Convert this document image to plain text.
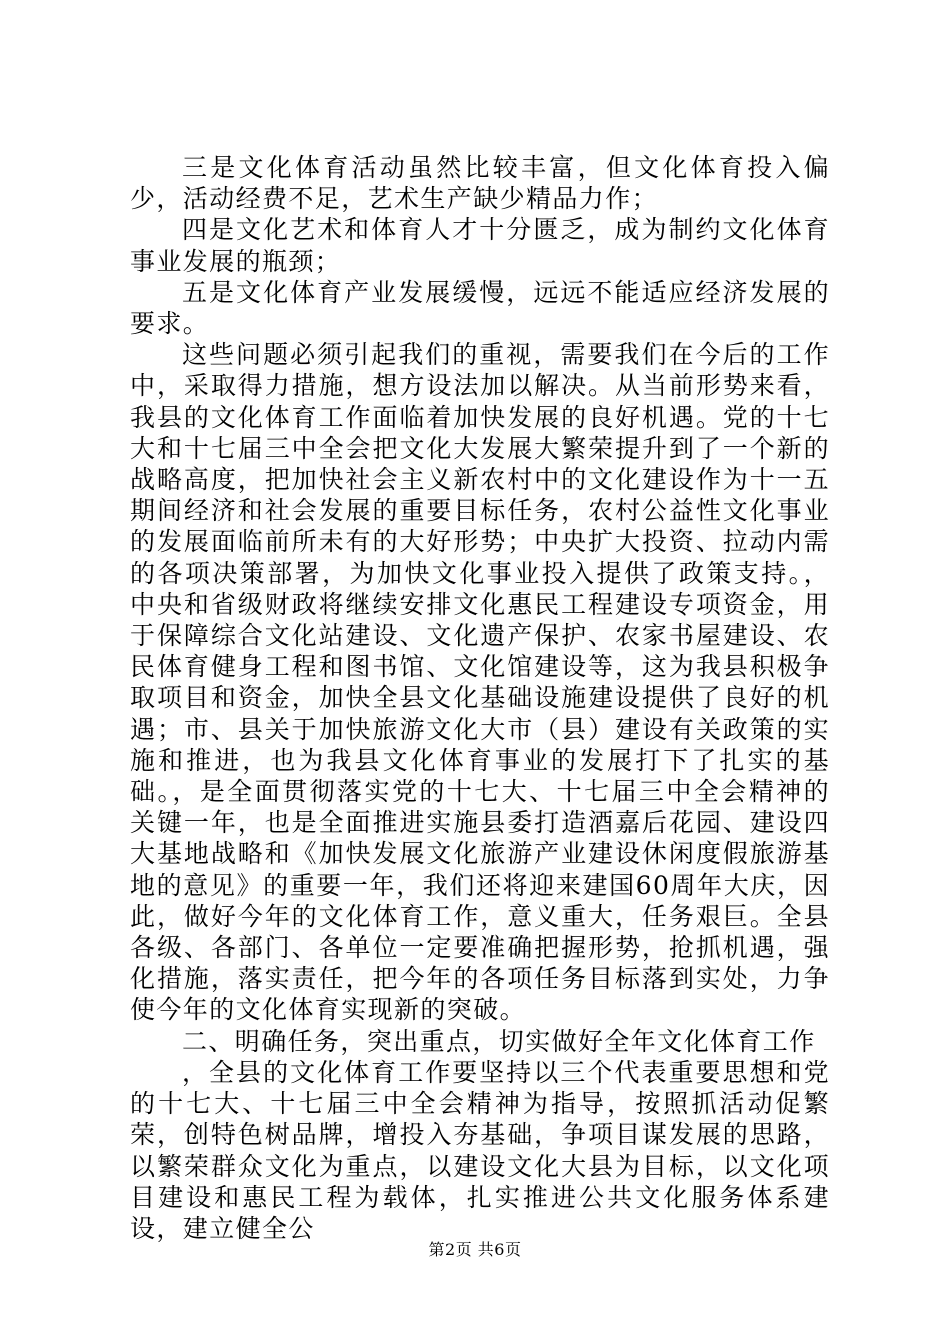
三是文化体育活动虽然比较丰富，但文化体育投入偏少，活动经费不足，艺术生产缺少精品力作；

四是文化艺术和体育人才十分匮乏，成为制约文化体育事业发展的瓶颈；

五是文化体育产业发展缓慢，远远不能适应经济发展的要求。

这些问题必须引起我们的重视，需要我们在今后的工作中，采取得力措施，想方设法加以解决。从当前形势来看，我县的文化体育工作面临着加快发展的良好机遇。党的十七大和十七届三中全会把文化大发展大繁荣提升到了一个新的战略高度，把加快社会主义新农村中的文化建设作为十一五期间经济和社会发展的重要目标任务，农村公益性文化事业的发展面临前所未有的大好形势；中央扩大投资、拉动内需的各项决策部署，为加快文化事业投入提供了政策支持。，中央和省级财政将继续安排文化惠民工程建设专项资金，用于保障综合文化站建设、文化遗产保护、农家书屋建设、农民体育健身工程和图书馆、文化馆建设等，这为我县积极争取项目和资金，加快全县文化基础设施建设提供了良好的机遇；市、县关于加快旅游文化大市（县）建设有关政策的实施和推进，也为我县文化体育事业的发展打下了扎实的基础。，是全面贯彻落实党的十七大、十七届三中全会精神的关键一年，也是全面推进实施县委打造酒嘉后花园、建设四大基地战略和《加快发展文化旅游产业建设休闲度假旅游基地的意见》的重要一年，我们还将迎来建国60周年大庆，因此，做好今年的文化体育工作，意义重大，任务艰巨。全县各级、各部门、各单位一定要准确把握形势，抢抓机遇，强化措施，落实责任，把今年的各项任务目标落到实处，力争使今年的文化体育实现新的突破。

二、明确任务，突出重点，切实做好全年文化体育工作

，全县的文化体育工作要坚持以三个代表重要思想和党的十七大、十七届三中全会精神为指导，按照抓活动促繁荣，创特色树品牌，增投入夯基础，争项目谋发展的思路，以繁荣群众文化为重点，以建设文化大县为目标，以文化项目建设和惠民工程为载体，扎实推进公共文化服务体系建设，建立健全公

第2页 共6页
